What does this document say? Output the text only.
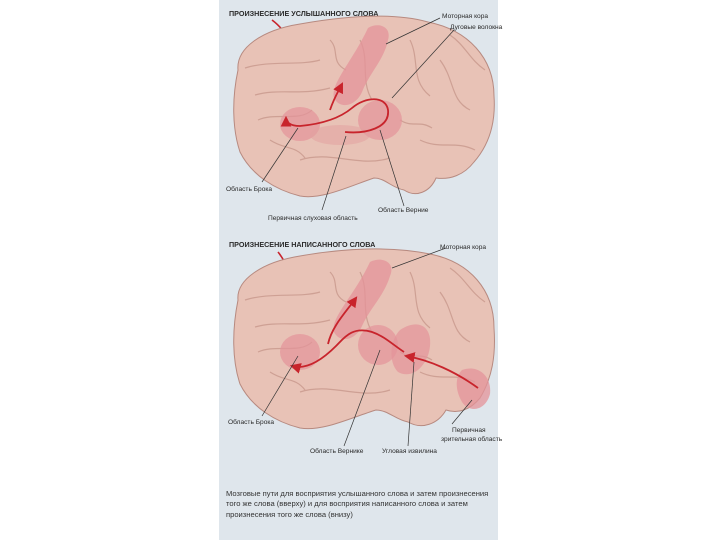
ПРОИЗНЕСЕНИЕ УСЛЫШАННОГО СЛОВА	Моторная кора
Дуговые волокна
Область Брока
Первичная слуховая область
Область Верние
ПРОИЗНЕСЕНИЕ НАПИСАННОГО СЛОВА	Моторная кора
Область Брока
Область Вернике	Угловая извилина
Первичная
зрительная область
Мозговые пути для восприятия услышанного слова и затем произнесения того же слова (вверху) и для восприятия написанного слова и затем произнесения того же слова (внизу)
